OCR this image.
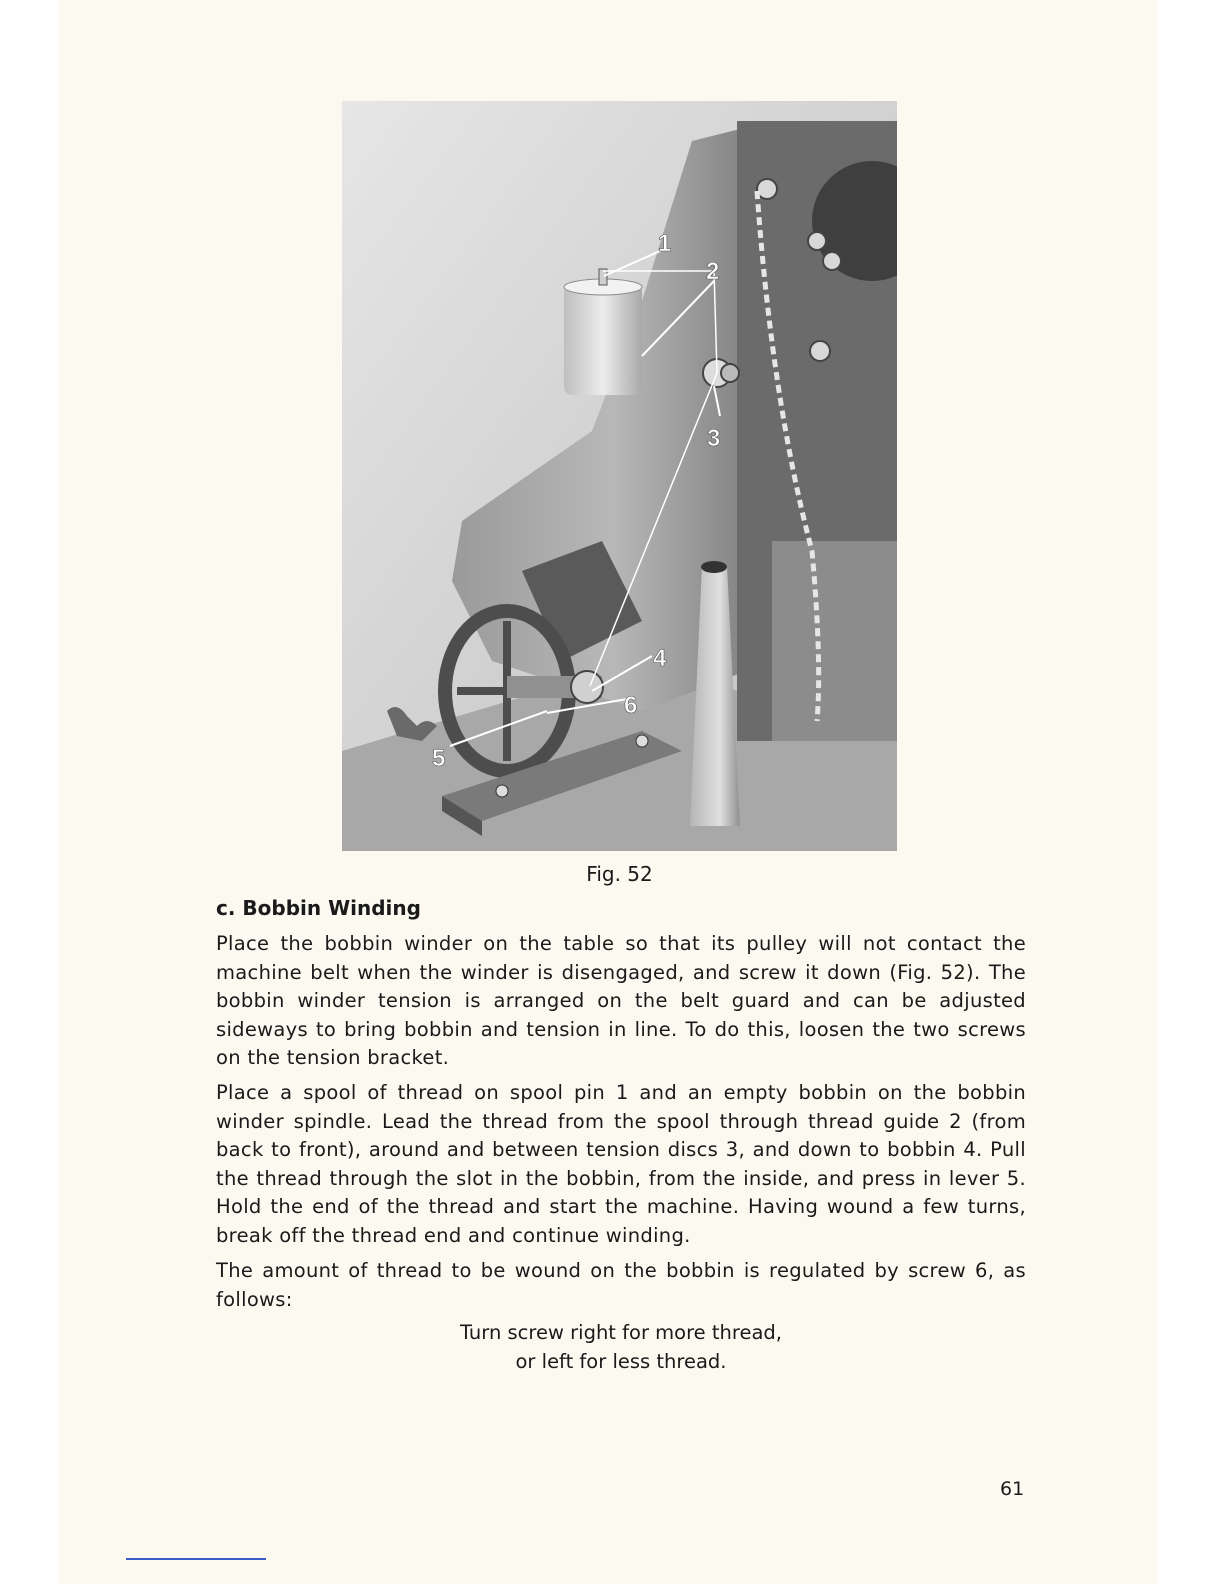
1
2
3
4
5
6
Fig. 52
c. Bobbin Winding

Place the bobbin winder on the table so that its pulley will not contact the machine belt when the winder is disengaged, and screw it down (Fig. 52). The bobbin winder tension is arranged on the belt guard and can be adjusted sideways to bring bobbin and tension in line. To do this, loosen the two screws on the tension bracket.

Place a spool of thread on spool pin 1 and an empty bobbin on the bobbin winder spindle. Lead the thread from the spool through thread guide 2 (from back to front), around and between tension discs 3, and down to bobbin 4. Pull the thread through the slot in the bobbin, from the inside, and press in lever 5. Hold the end of the thread and start the machine. Having wound a few turns, break off the thread end and continue winding.

The amount of thread to be wound on the bobbin is regulated by screw 6, as follows:

Turn screw right for more thread,
or left for less thread.
61
